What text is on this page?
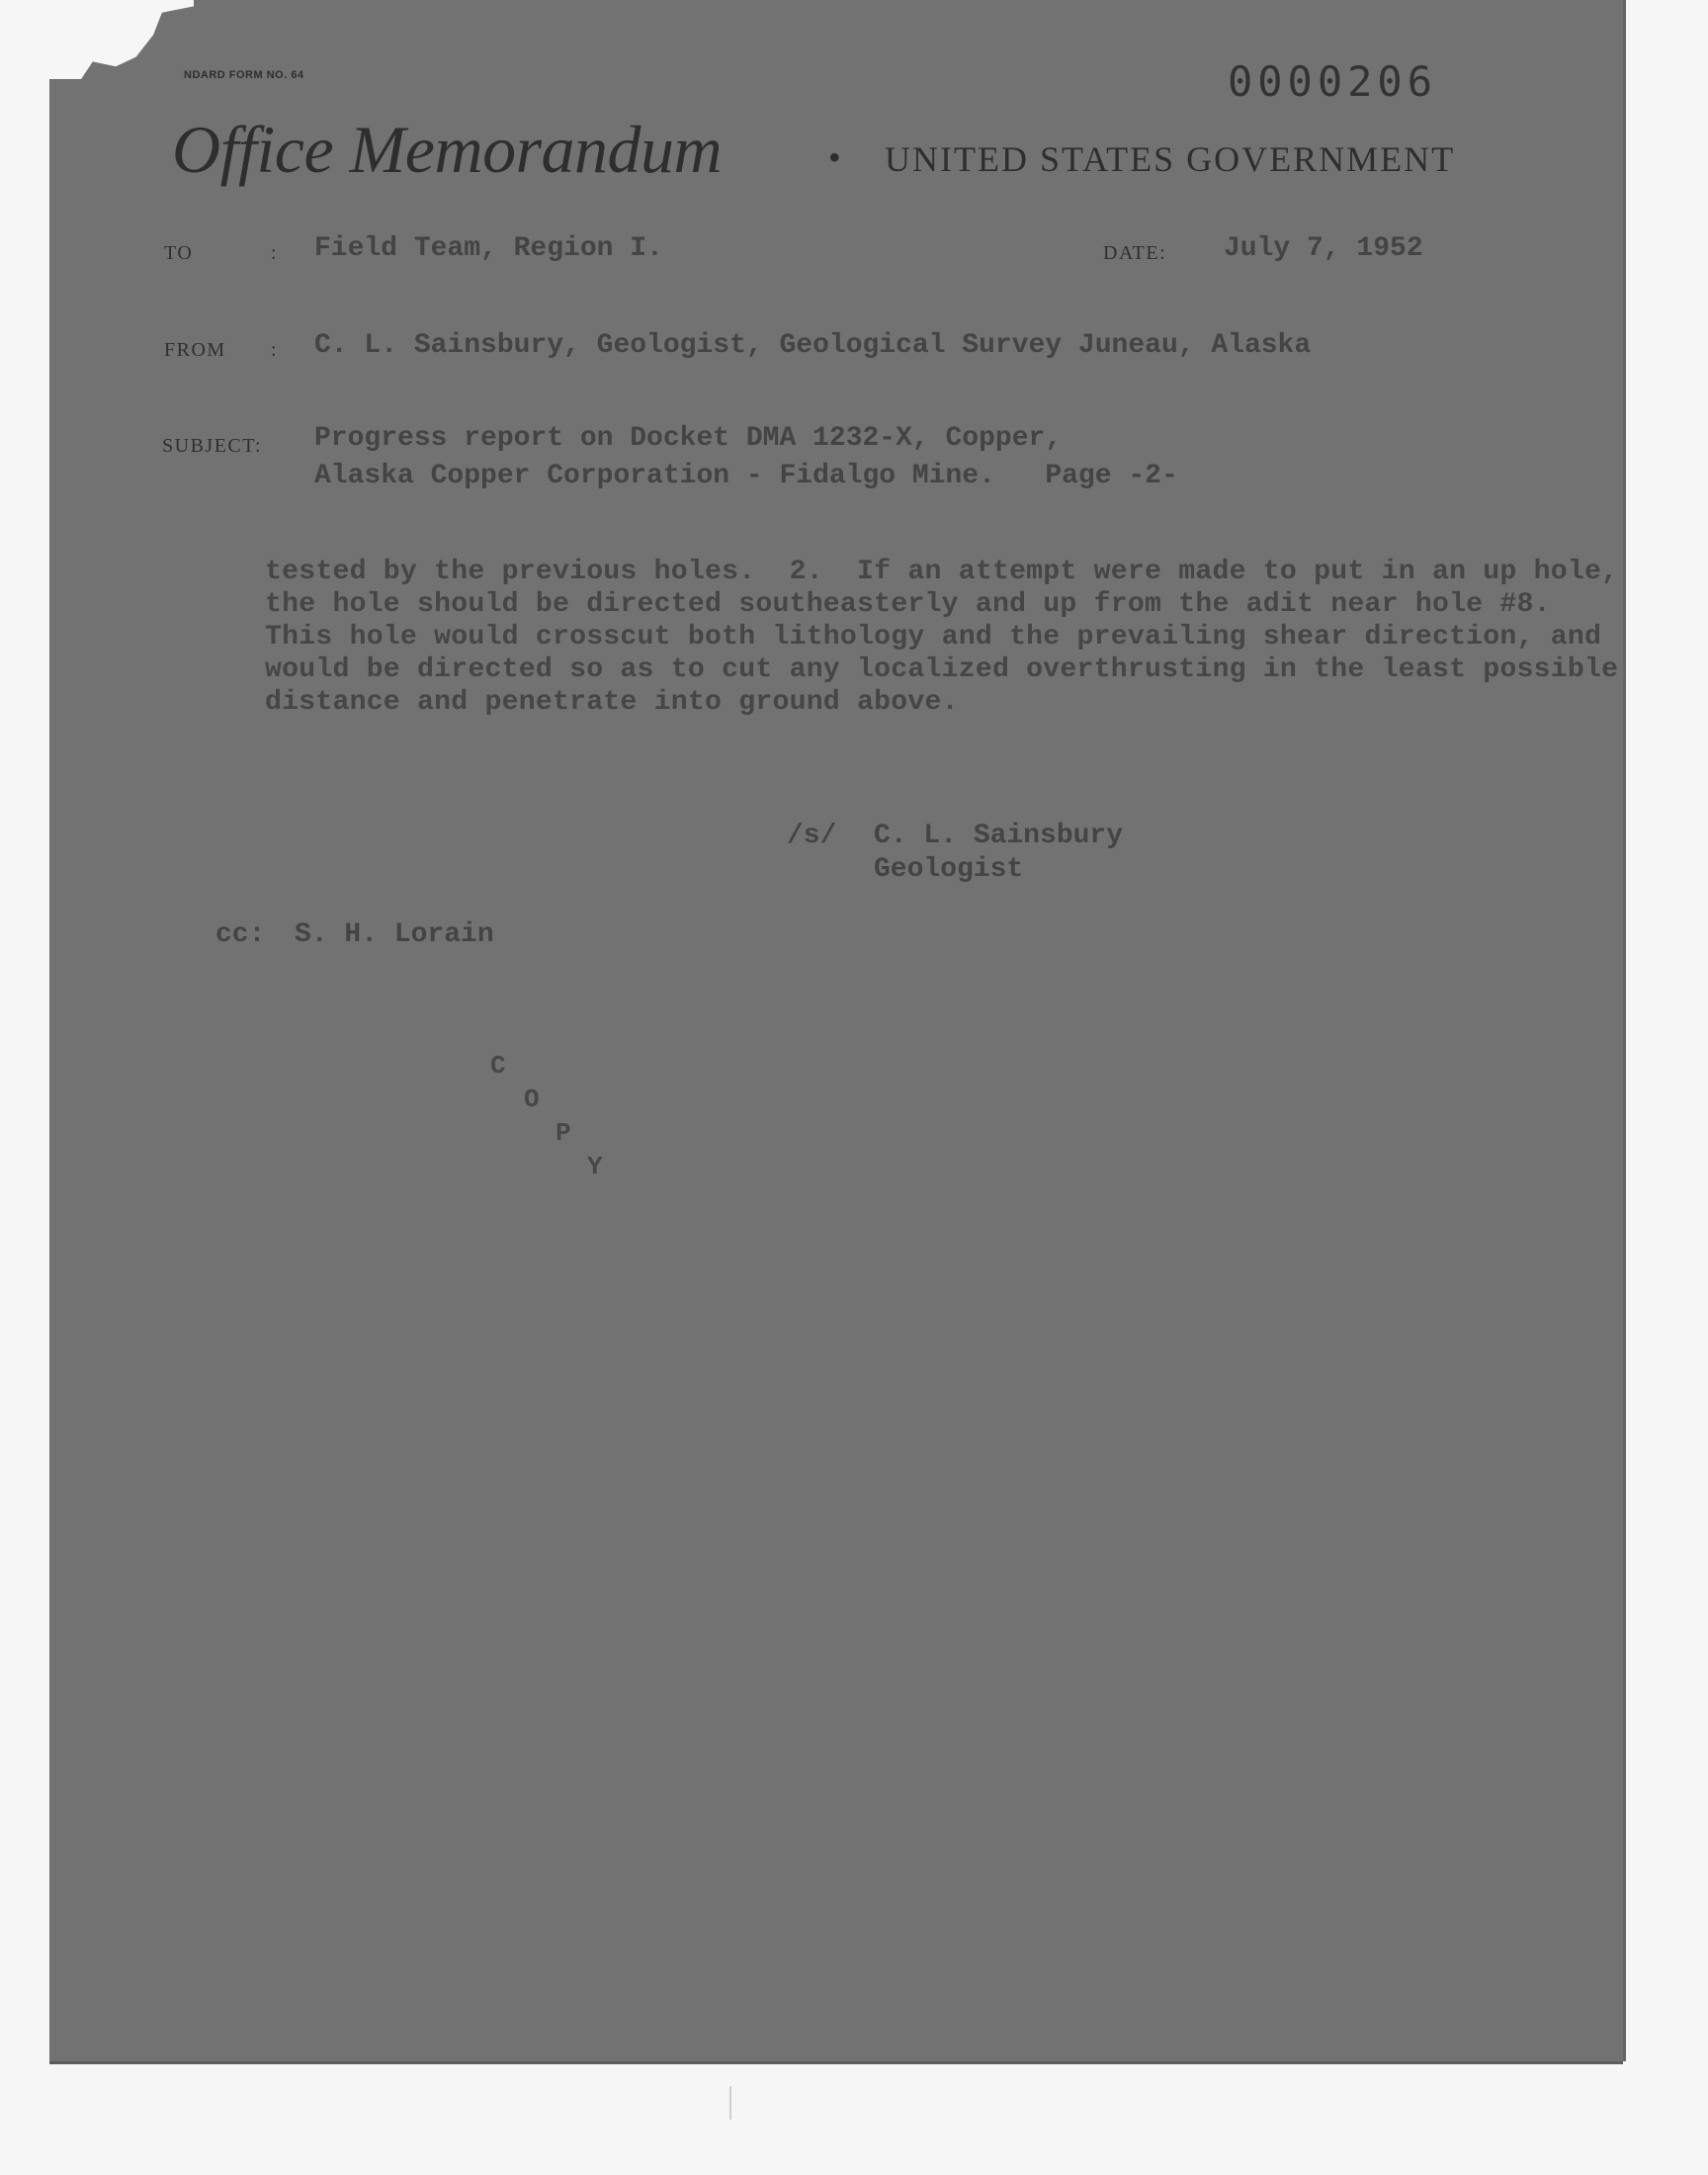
NDARD FORM NO. 64	0000206
Office Memorandum	• UNITED STATES GOVERNMENT
TO	: Field Team, Region I.	DATE: July 7, 1952
FROM : C. L. Sainsbury, Geologist, Geological Survey Juneau, Alaska
SUBJECT: Progress report on Docket DMA 1232-X, Copper,
Alaska Copper Corporation - Fidalgo Mine.   Page -2-
tested by the previous holes.  2.  If an attempt were made to put in an up hole,
the hole should be directed southeasterly and up from the adit near hole #8.
This hole would crosscut both lithology and the prevailing shear direction, and
would be directed so as to cut any localized overthrusting in the least possible
distance and penetrate into ground above.
/s/ C. L. Sainsbury
Geologist
cc: S. H. Lorain
C
O
P
Y
